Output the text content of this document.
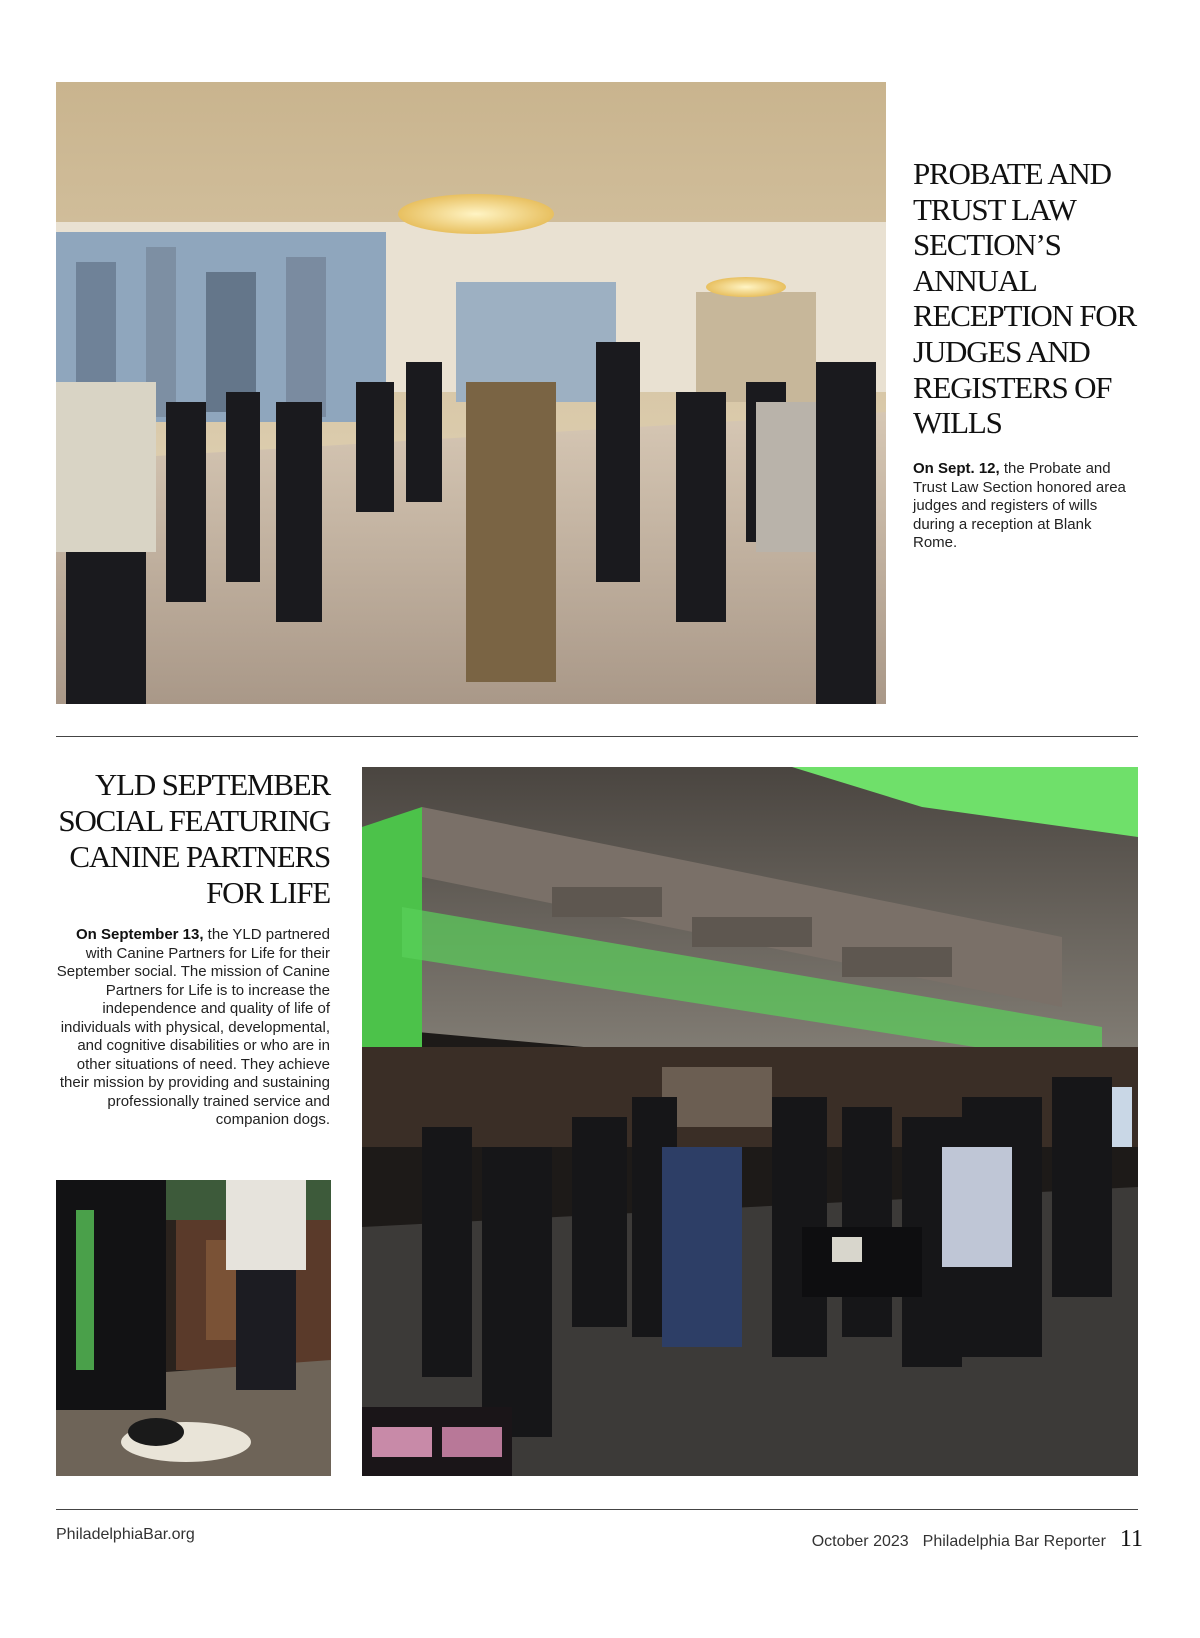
PROBATE AND TRUST LAW SECTION’S ANNUAL RECEPTION FOR JUDGES AND REGISTERS OF WILLS

On Sept. 12, the Probate and Trust Law Section honored area judges and registers of wills during a reception at Blank Rome.

YLD SEPTEMBER SOCIAL FEATURING CANINE PARTNERS FOR LIFE

On September 13, the YLD partnered with Canine Partners for Life for their September social. The mission of Canine Partners for Life is to increase the independence and quality of life of individuals with physical, developmental, and cognitive disabilities or who are in other situations of need. They achieve their mission by providing and sustaining professionally trained service and companion dogs.

PhiladelphiaBar.org	October 2023 Philadelphia Bar Reporter 11
